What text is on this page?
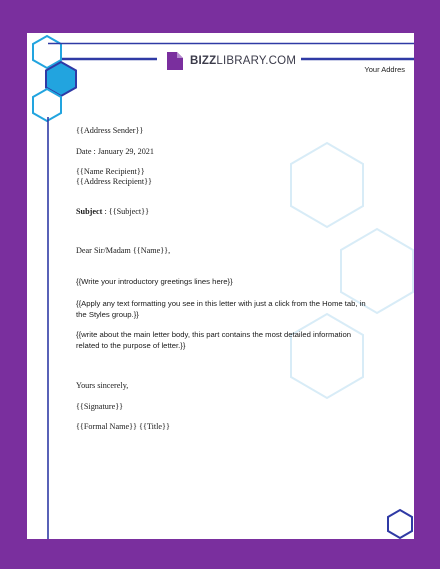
BIZZLIBRARY.COM
Your Addres
{{Address Sender}}
Date : January 29, 2021
{{Name Recipient}}
{{Address Recipient}}
Subject : {{Subject}}
Dear Sir/Madam {{Name}},
{{Write your introductory greetings lines here}}
{{Apply any text formatting you see in this letter with just a click from the Home tab, in the Styles group.}}
{{write about the main letter body, this part contains the most detailed information related to the purpose of letter.}}
Yours sincerely,
{{Signature}}
{{Formal Name}} {{Title}}
